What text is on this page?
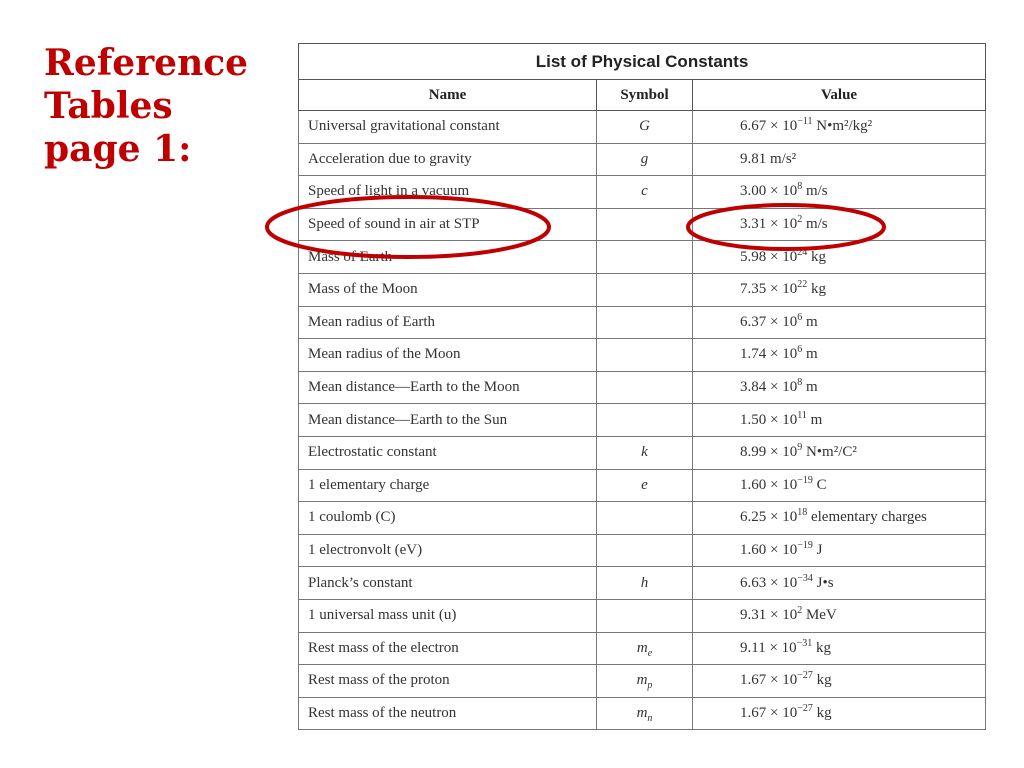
Reference
Tables
page 1:
List of Physical Constants		
Name	Symbol	Value
Universal gravitational constant	G	$6.67 \times 10^{-11}$ N•m²/kg²
Acceleration due to gravity	g	9.81 m/s²
Speed of light in a vacuum	c	$3.00 \times 10^8$ m/s
Speed of sound in air at STP		$3.31 \times 10^2$ m/s
Mass of Earth		$5.98 \times 10^{24}$ kg
Mass of the Moon		$7.35 \times 10^{22}$ kg
Mean radius of Earth		$6.37 \times 10^6$ m
Mean radius of the Moon		$1.74 \times 10^6$ m
Mean distance—Earth to the Moon		$3.84 \times 10^8$ m
Mean distance—Earth to the Sun		$1.50 \times 10^{11}$ m
Electrostatic constant	k	$8.99 \times 10^9$ N•m²/C²
1 elementary charge	e	$1.60 \times 10^{-19}$ C
1 coulomb (C)		$6.25 \times 10^{18}$ elementary charges
1 electronvolt (eV)		$1.60 \times 10^{-19}$ J
Planck’s constant	h	$6.63 \times 10^{-34}$ J•s
1 universal mass unit (u)		$9.31 \times 10^2$ MeV
Rest mass of the electron	$m_e$	$9.11 \times 10^{-31}$ kg
Rest mass of the proton	$m_p$	$1.67 \times 10^{-27}$ kg
Rest mass of the neutron	$m_n$	$1.67 \times 10^{-27}$ kg
